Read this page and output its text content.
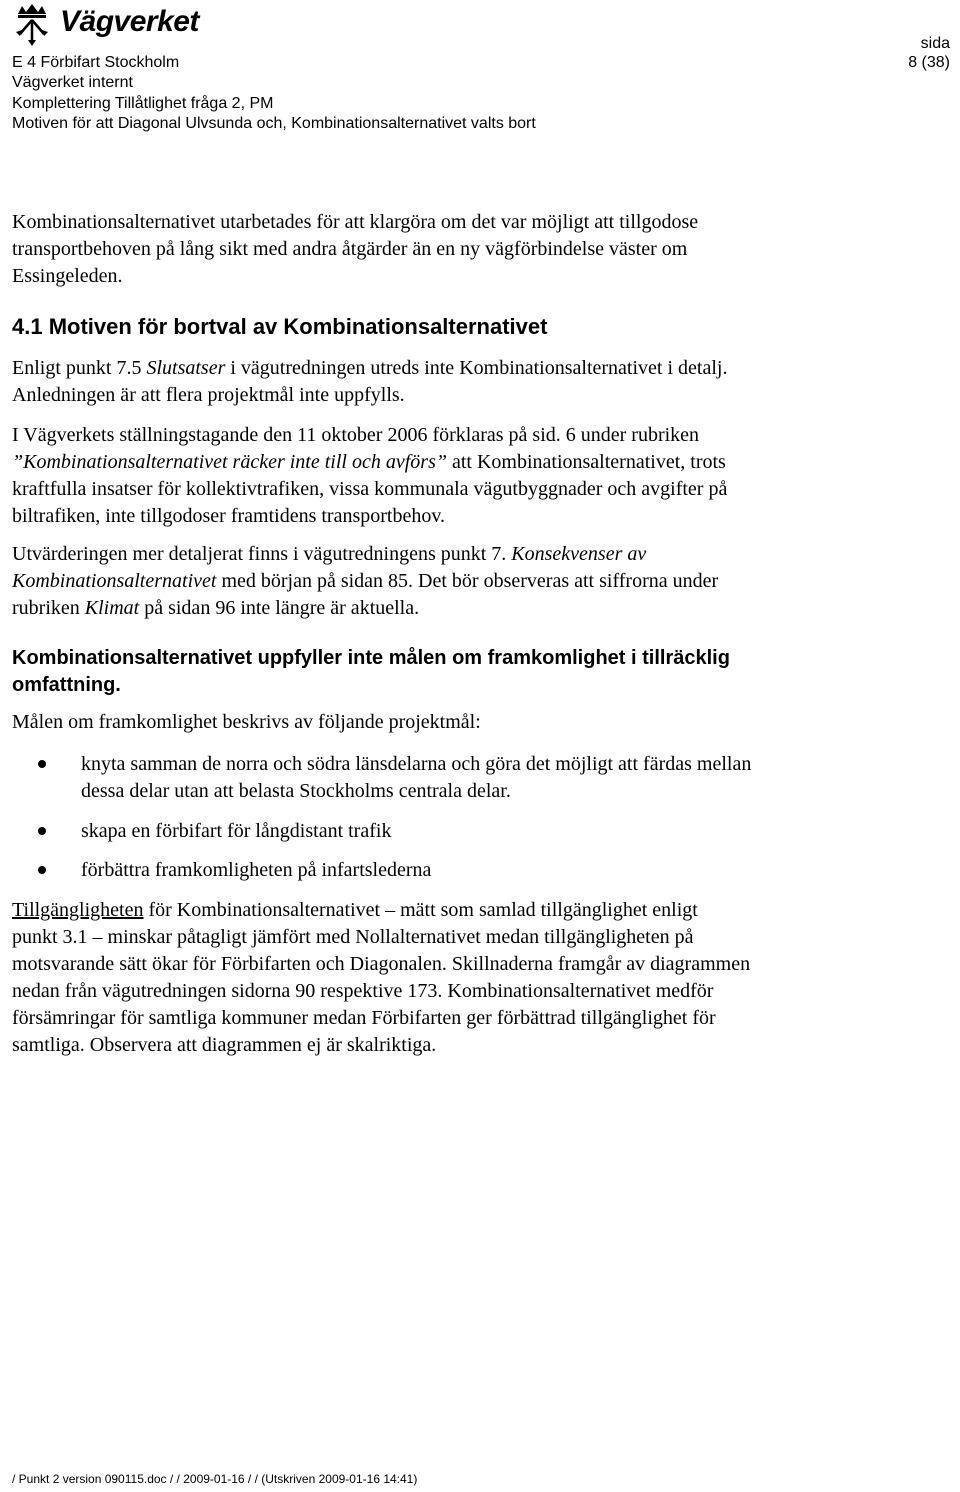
Vägverket
sida
8 (38)
E 4 Förbifart Stockholm
Vägverket internt
Komplettering Tillåtlighet fråga 2, PM
Motiven för att Diagonal Ulvsunda och, Kombinationsalternativet valts bort
Kombinationsalternativet utarbetades för att klargöra om det var möjligt att tillgodose
transportbehoven på lång sikt med andra åtgärder än en ny vägförbindelse väster om
Essingeleden.
4.1 Motiven för bortval av Kombinationsalternativet
Enligt punkt 7.5 Slutsatser i vägutredningen utreds inte Kombinationsalternativet i detalj.
Anledningen är att flera projektmål inte uppfylls.
I Vägverkets ställningstagande den 11 oktober 2006 förklaras på sid. 6 under rubriken
”Kombinationsalternativet räcker inte till och avförs” att Kombinationsalternativet, trots
kraftfulla insatser för kollektivtrafiken, vissa kommunala vägutbyggnader och avgifter på
biltrafiken, inte tillgodoser framtidens transportbehov.
Utvärderingen mer detaljerat finns i vägutredningens punkt 7. Konsekvenser av
Kombinationsalternativet med början på sidan 85. Det bör observeras att siffrorna under
rubriken Klimat på sidan 96 inte längre är aktuella.
Kombinationsalternativet uppfyller inte målen om framkomlighet i tillräcklig
omfattning.
Målen om framkomlighet beskrivs av följande projektmål:
knyta samman de norra och södra länsdelarna och göra det möjligt att färdas mellan
dessa delar utan att belasta Stockholms centrala delar.
skapa en förbifart för långdistant trafik
förbättra framkomligheten på infartslederna
Tillgängligheten för Kombinationsalternativet – mätt som samlad tillgänglighet enligt
punkt 3.1 – minskar påtagligt jämfört med Nollalternativet medan tillgängligheten på
motsvarande sätt ökar för Förbifarten och Diagonalen. Skillnaderna framgår av diagrammen
nedan från vägutredningen sidorna 90 respektive 173. Kombinationsalternativet medför
försämringar för samtliga kommuner medan Förbifarten ger förbättrad tillgänglighet för
samtliga. Observera att diagrammen ej är skalriktiga.
/ Punkt 2 version 090115.doc / / 2009-01-16 / / (Utskriven 2009-01-16 14:41)
